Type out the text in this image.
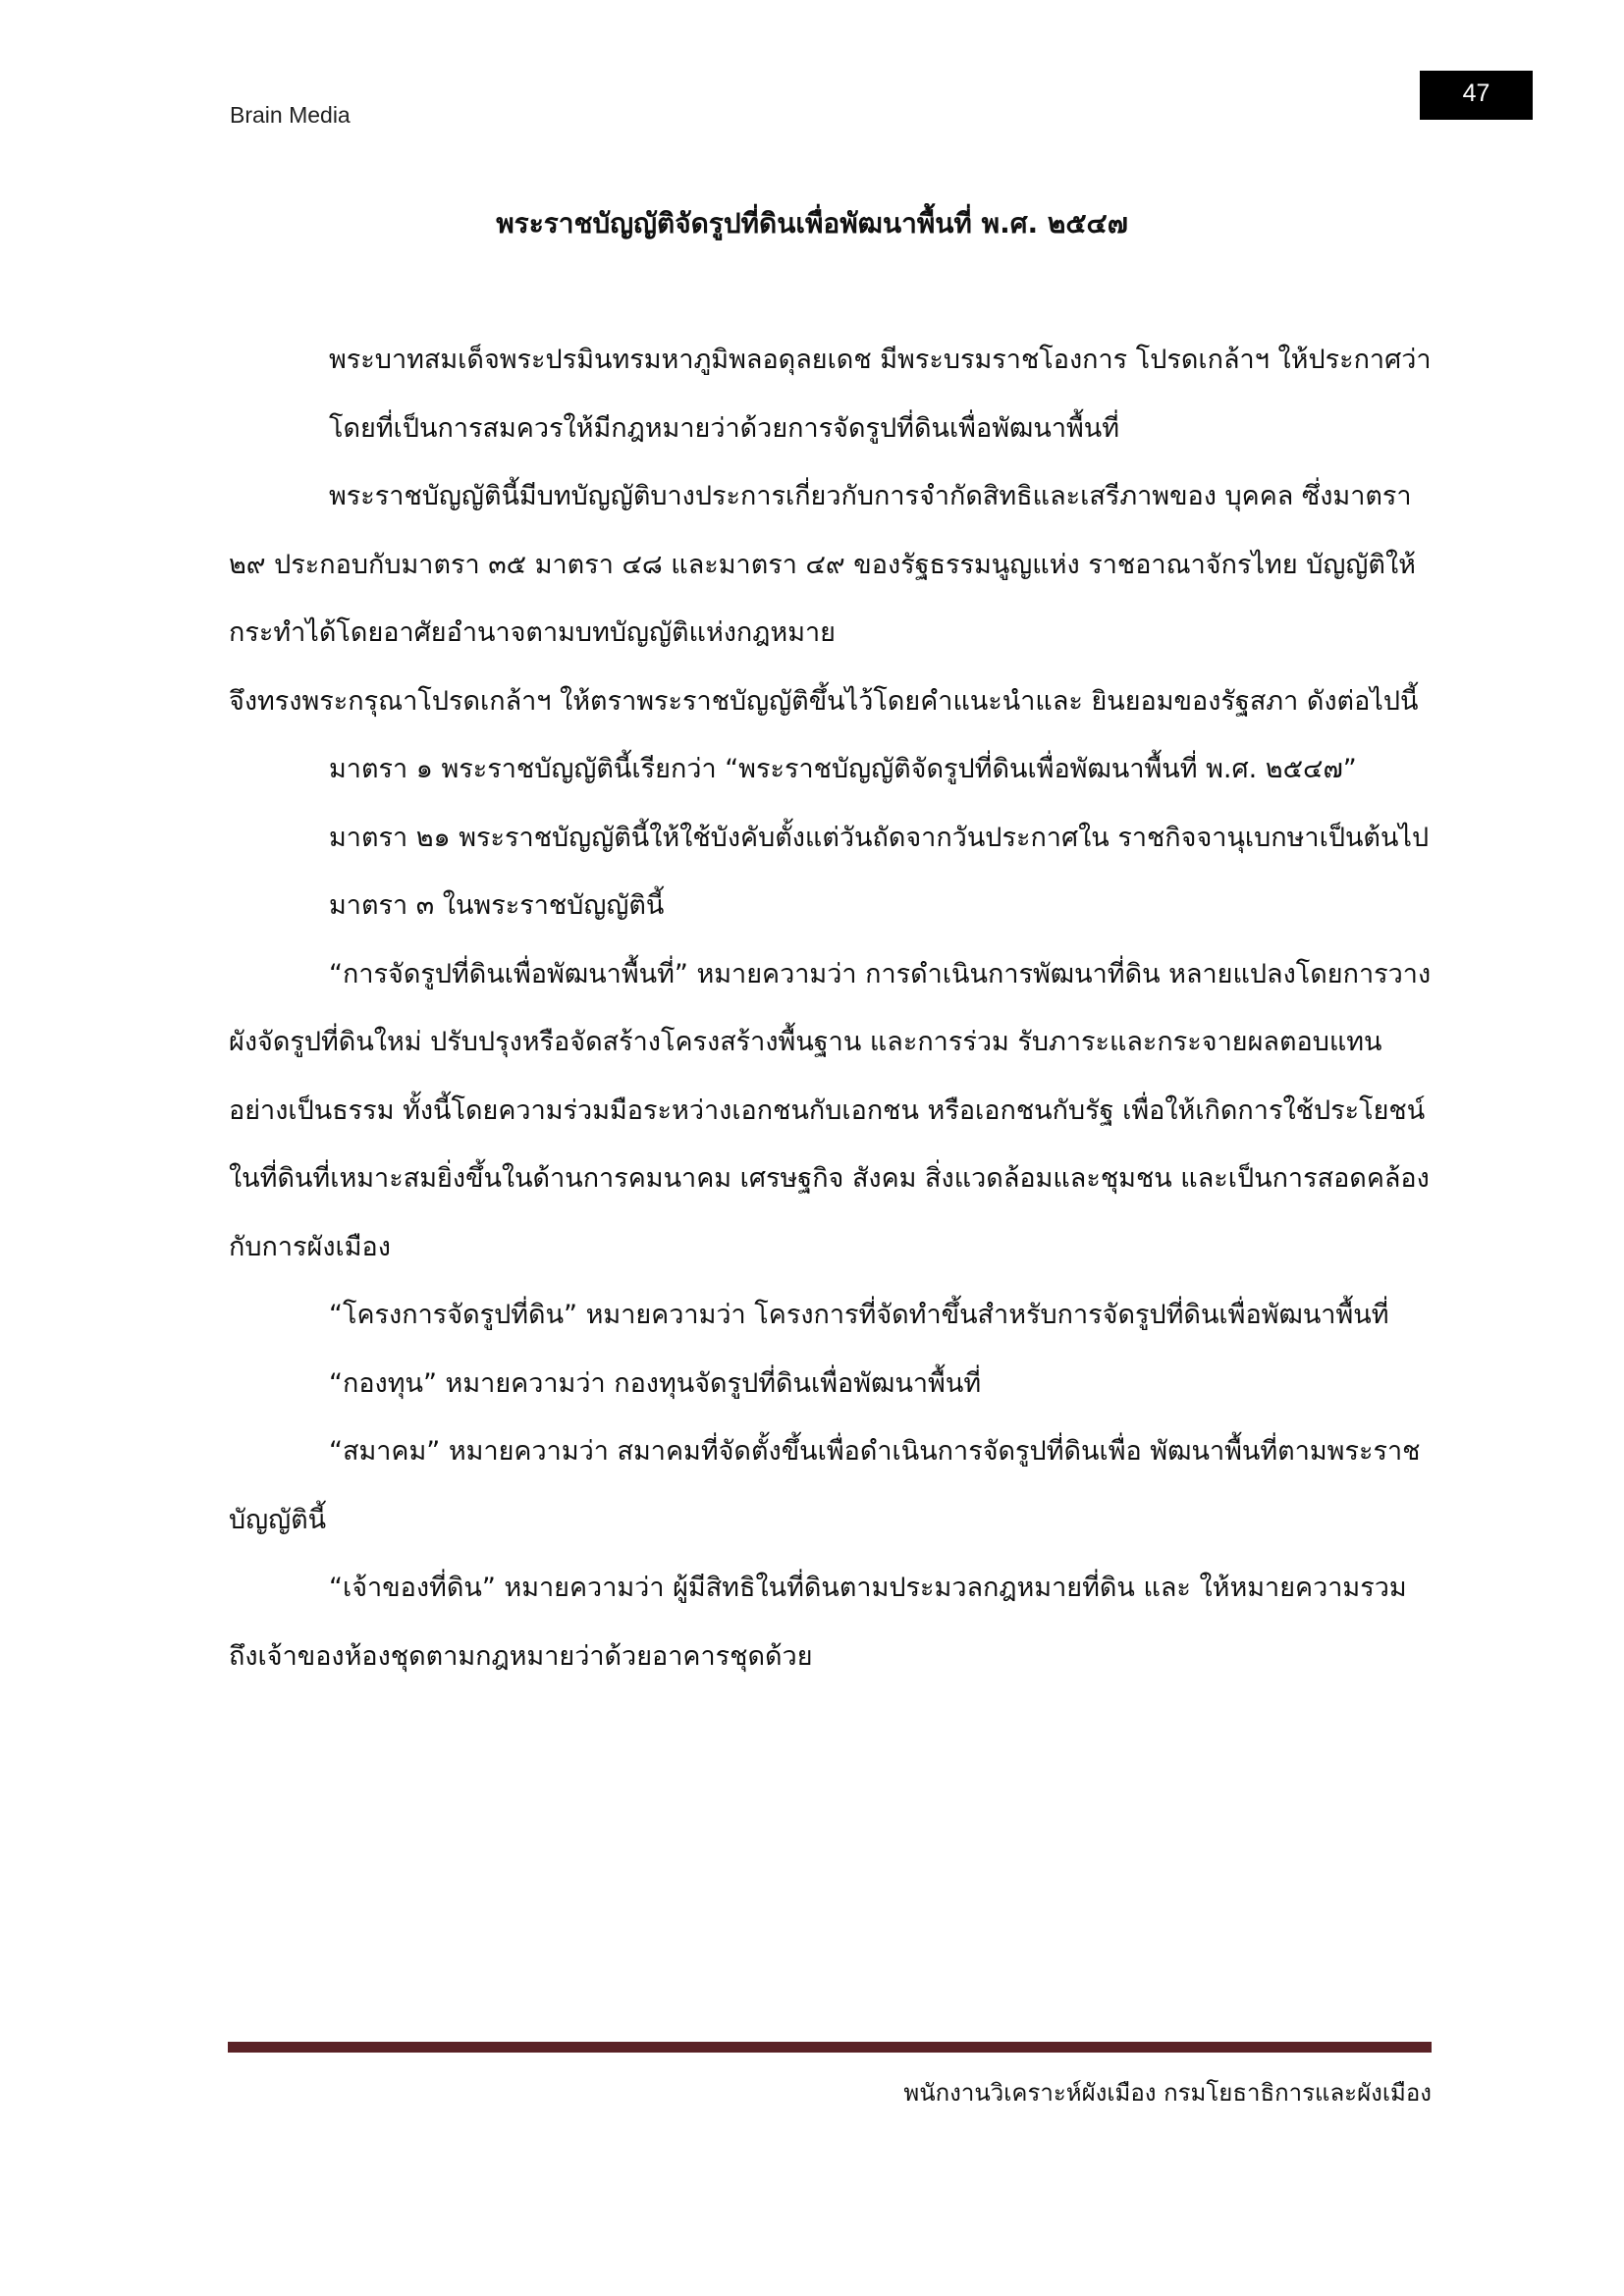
Brain Media
47
พระราชบัญญัติจัดรูปที่ดินเพื่อพัฒนาพื้นที่ พ.ศ. ๒๕๔๗

พระบาทสมเด็จพระปรมินทรมหาภูมิพลอดุลยเดช มีพระบรมราชโองการ โปรดเกล้าฯ ให้ประกาศว่า

โดยที่เป็นการสมควรให้มีกฎหมายว่าด้วยการจัดรูปที่ดินเพื่อพัฒนาพื้นที่

พระราชบัญญัตินี้มีบทบัญญัติบางประการเกี่ยวกับการจำกัดสิทธิและเสรีภาพของ บุคคล ซึ่งมาตรา ๒๙ ประกอบกับมาตรา ๓๕ มาตรา ๔๘ และมาตรา ๔๙ ของรัฐธรรมนูญแห่ง ราชอาณาจักรไทย บัญญัติให้กระทำได้โดยอาศัยอำนาจตามบทบัญญัติแห่งกฎหมาย

จึงทรงพระกรุณาโปรดเกล้าฯ ให้ตราพระราชบัญญัติขึ้นไว้โดยคำแนะนำและ ยินยอมของรัฐสภา ดังต่อไปนี้

มาตรา ๑ พระราชบัญญัตินี้เรียกว่า “พระราชบัญญัติจัดรูปที่ดินเพื่อพัฒนาพื้นที่ พ.ศ. ๒๕๔๗”

มาตรา ๒๑ พระราชบัญญัตินี้ให้ใช้บังคับตั้งแต่วันถัดจากวันประกาศใน ราชกิจจานุเบกษาเป็นต้นไป

มาตรา ๓ ในพระราชบัญญัตินี้

“การจัดรูปที่ดินเพื่อพัฒนาพื้นที่” หมายความว่า การดำเนินการพัฒนาที่ดิน หลายแปลงโดยการวางผังจัดรูปที่ดินใหม่ ปรับปรุงหรือจัดสร้างโครงสร้างพื้นฐาน และการร่วม รับภาระและกระจายผลตอบแทนอย่างเป็นธรรม ทั้งนี้โดยความร่วมมือระหว่างเอกชนกับเอกชน หรือเอกชนกับรัฐ เพื่อให้เกิดการใช้ประโยชน์ในที่ดินที่เหมาะสมยิ่งขึ้นในด้านการคมนาคม เศรษฐกิจ สังคม สิ่งแวดล้อมและชุมชน และเป็นการสอดคล้องกับการผังเมือง

“โครงการจัดรูปที่ดิน” หมายความว่า โครงการที่จัดทำขึ้นสำหรับการจัดรูปที่ดินเพื่อพัฒนาพื้นที่

“กองทุน” หมายความว่า กองทุนจัดรูปที่ดินเพื่อพัฒนาพื้นที่

“สมาคม” หมายความว่า สมาคมที่จัดตั้งขึ้นเพื่อดำเนินการจัดรูปที่ดินเพื่อ พัฒนาพื้นที่ตามพระราชบัญญัตินี้

“เจ้าของที่ดิน” หมายความว่า ผู้มีสิทธิในที่ดินตามประมวลกฎหมายที่ดิน และ ให้หมายความรวมถึงเจ้าของห้องชุดตามกฎหมายว่าด้วยอาคารชุดด้วย

พนักงานวิเคราะห์ผังเมือง กรมโยธาธิการและผังเมือง
